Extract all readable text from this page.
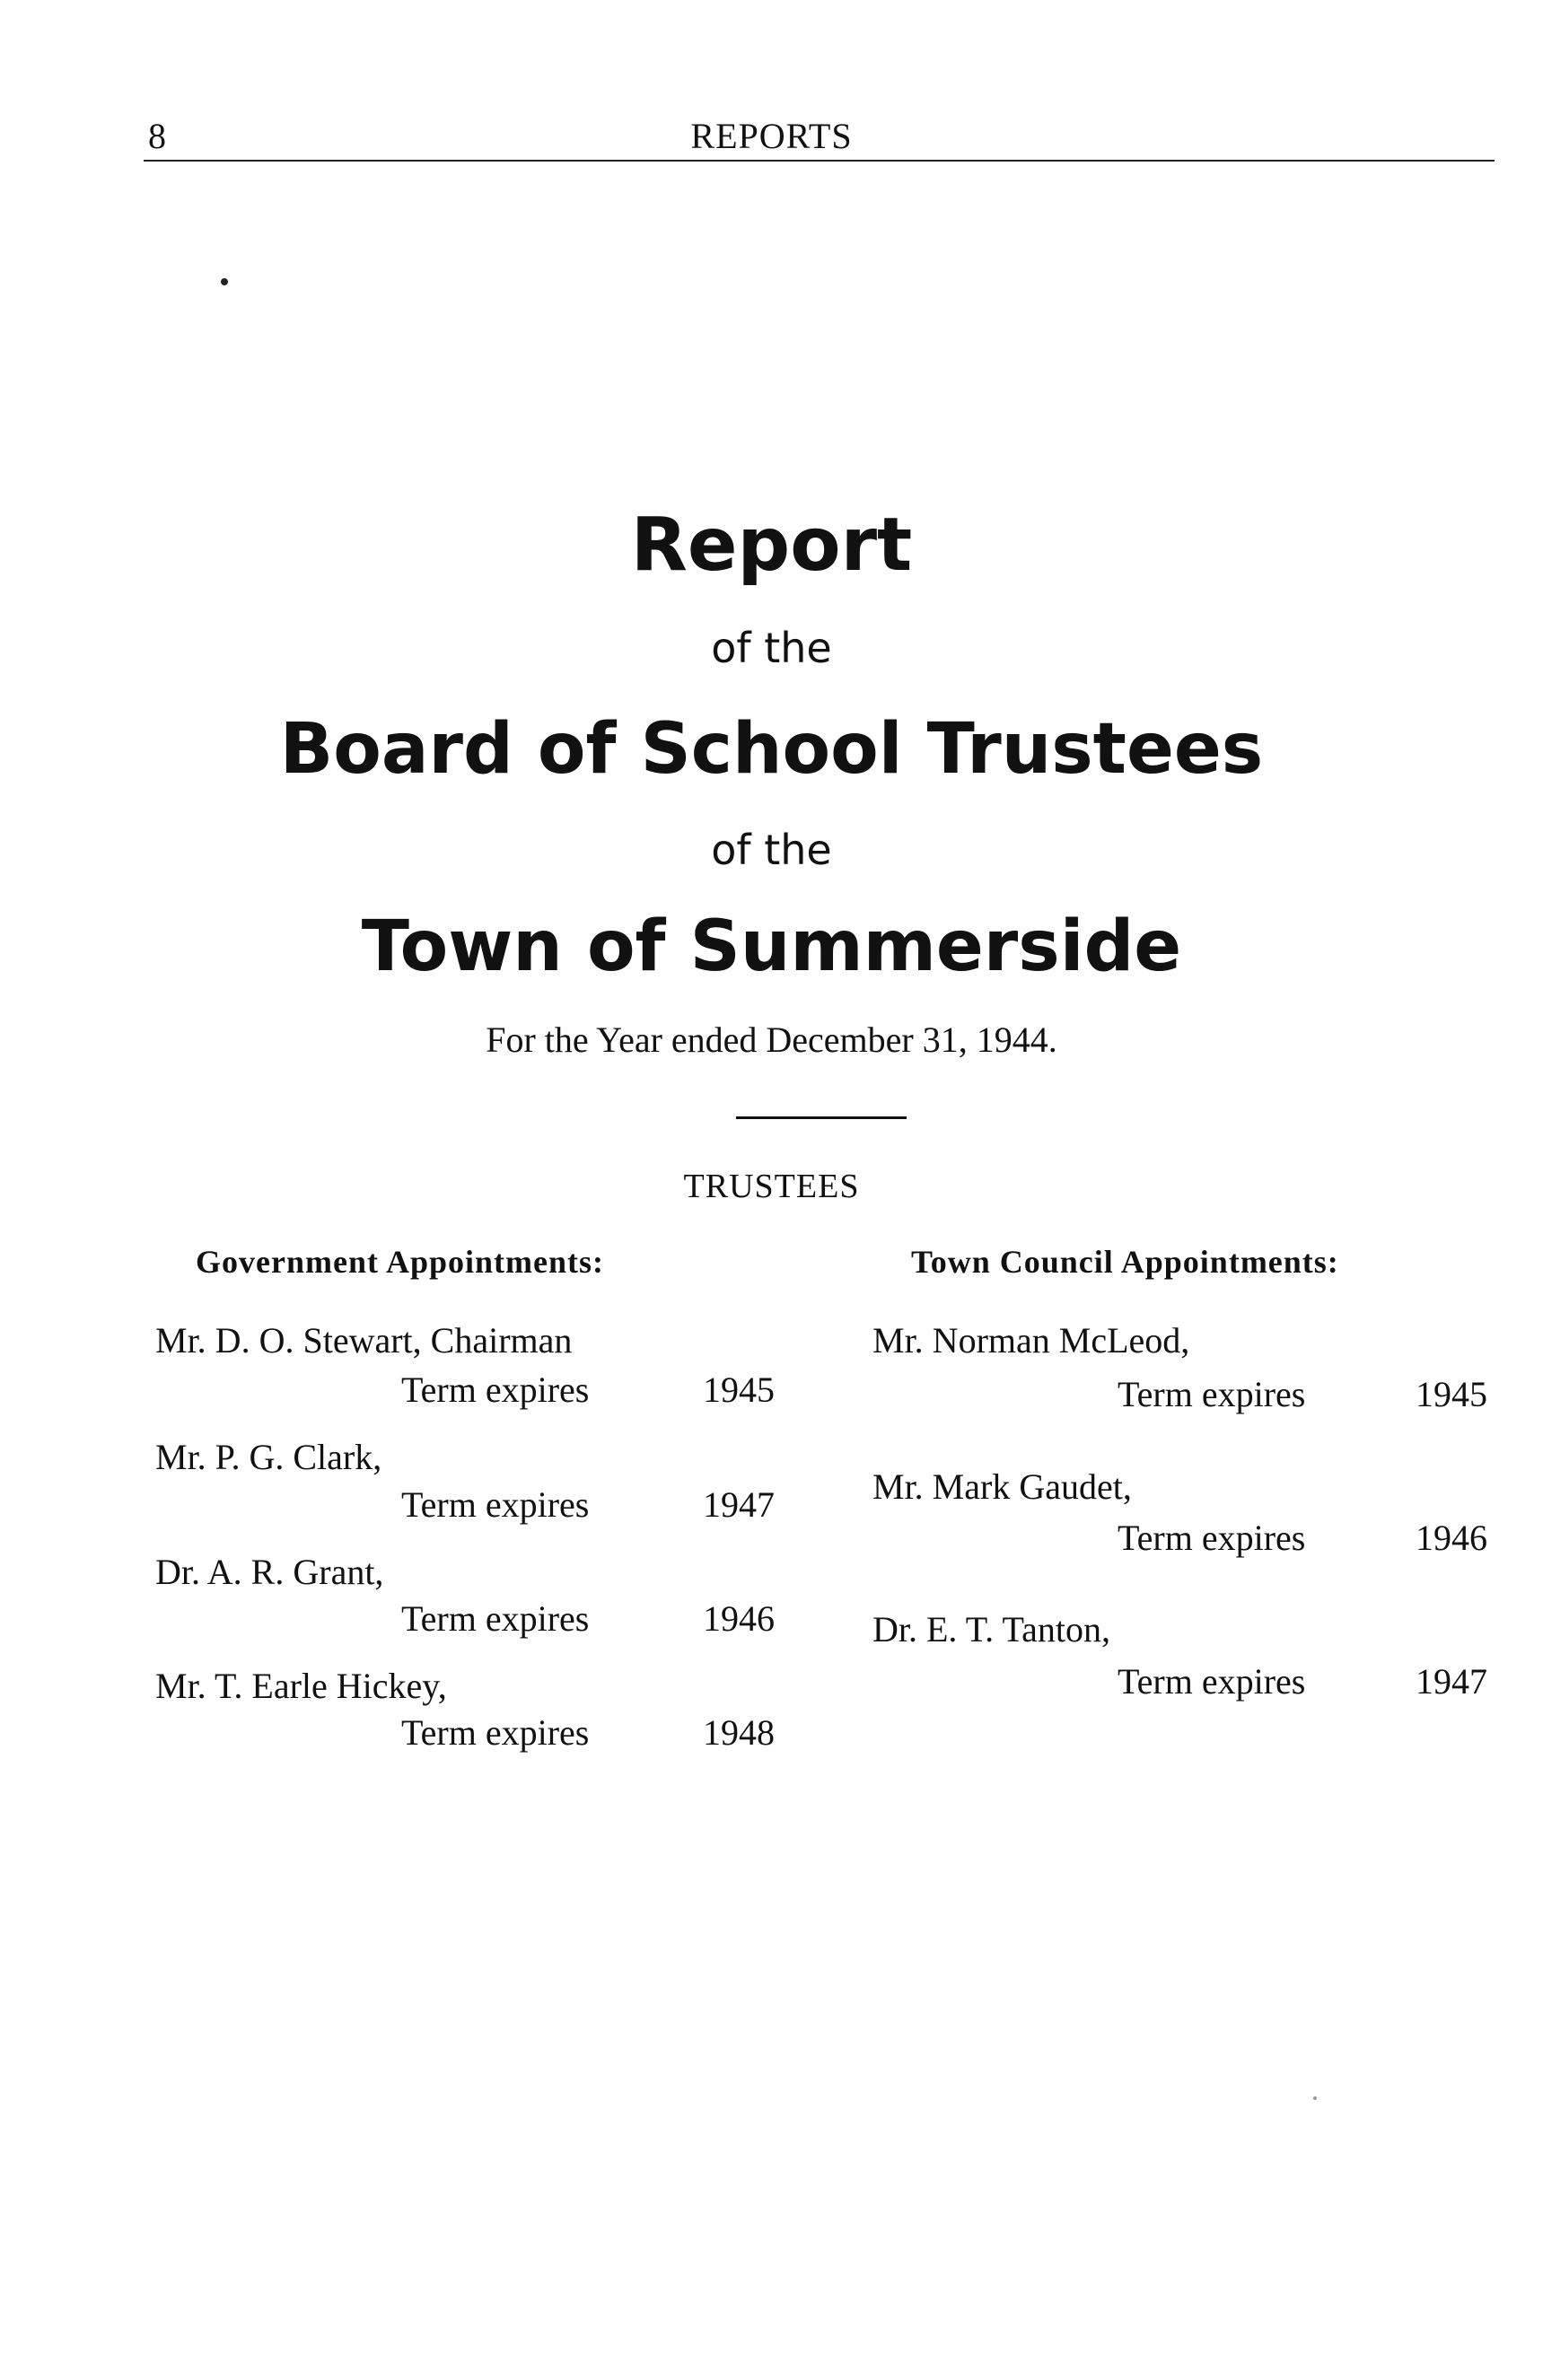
8	REPORTS
Report
of the
Board of School Trustees
of the
Town of Summerside
For the Year ended December 31, 1944.
TRUSTEES
Government Appointments:	Town Council Appointments:
Mr. D. O. Stewart, Chairman
Term expires	1945
Mr. P. G. Clark,
Term expires	1947
Dr. A. R. Grant,
Term expires	1946
Mr. T. Earle Hickey,
Term expires	1948
Mr. Norman McLeod,
Term expires	1945
Mr. Mark Gaudet,
Term expires	1946
Dr. E. T. Tanton,
Term expires	1947
